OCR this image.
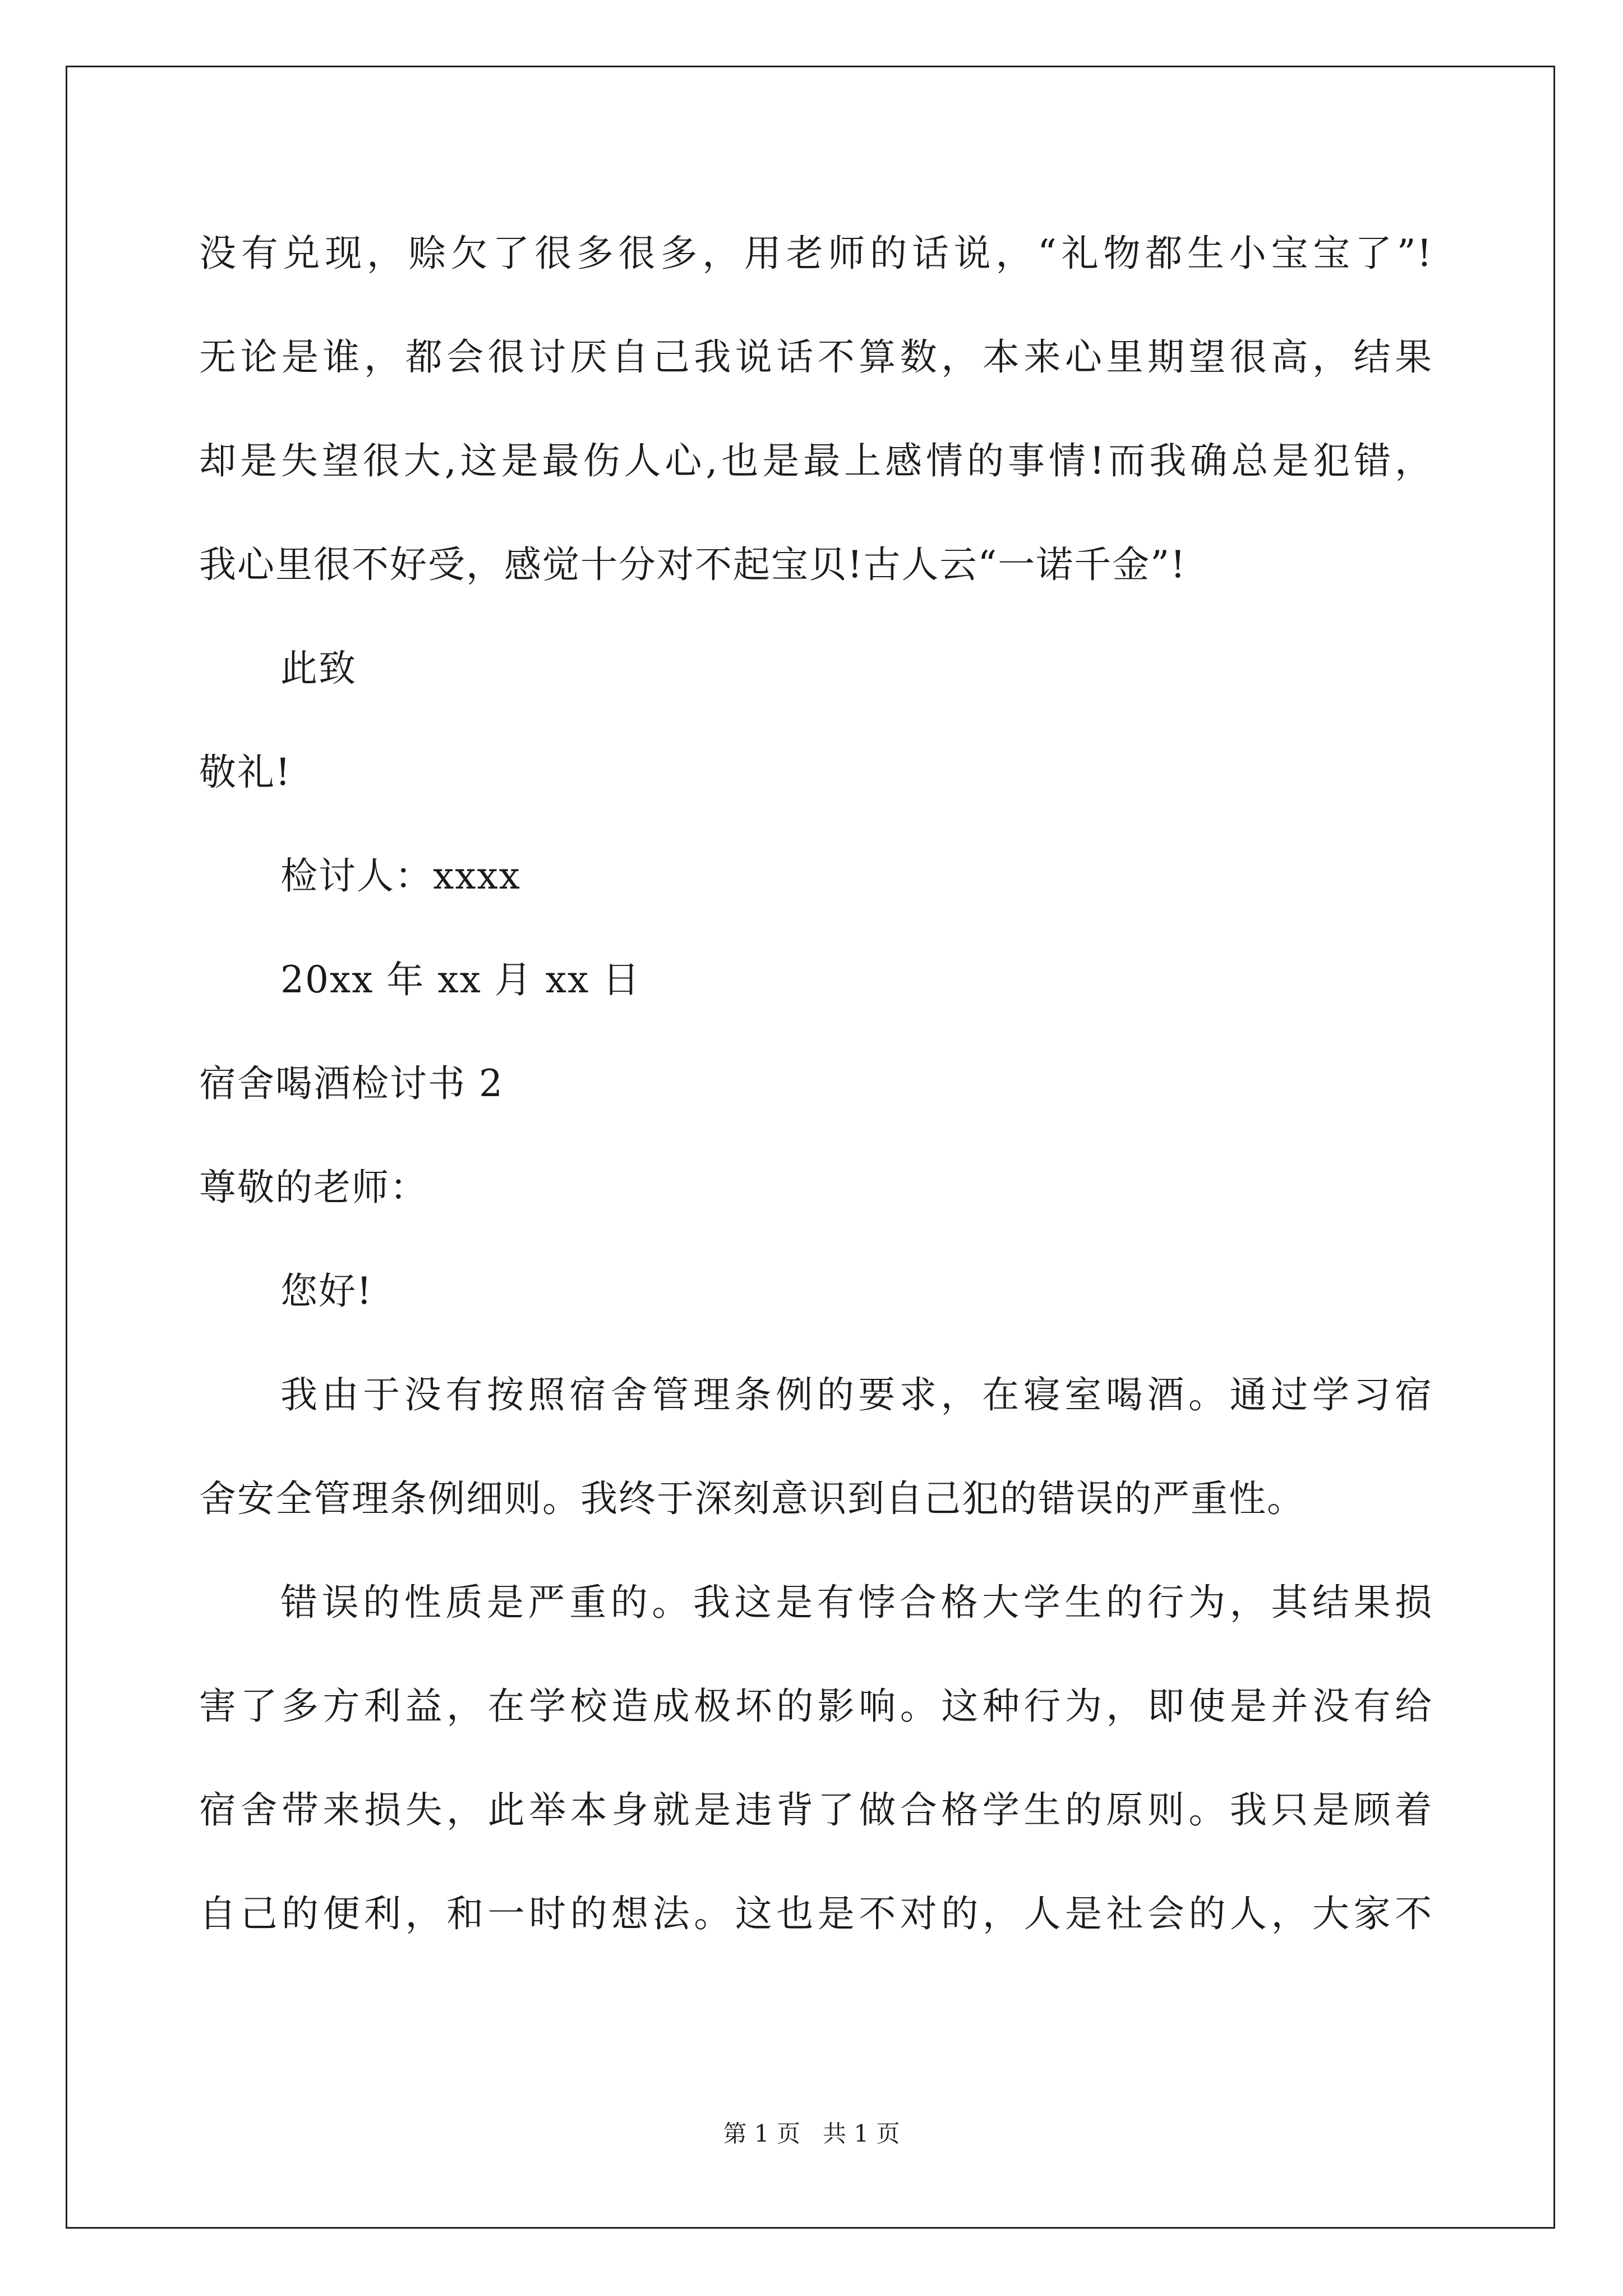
没有兑现，赊欠了很多很多，用老师的话说，“礼物都生小宝宝了”!
无论是谁，都会很讨厌自己我说话不算数，本来心里期望很高，结果
却是失望很大,这是最伤人心,也是最上感情的事情!而我确总是犯错，
我心里很不好受，感觉十分对不起宝贝!古人云“一诺千金”!
此致
敬礼!
检讨人：xxxx
20xx 年 xx 月 xx 日
宿舍喝酒检讨书 2
尊敬的老师：
您好!
我由于没有按照宿舍管理条例的要求，在寝室喝酒。通过学习宿
舍安全管理条例细则。我终于深刻意识到自己犯的错误的严重性。
错误的性质是严重的。我这是有悖合格大学生的行为，其结果损
害了多方利益，在学校造成极坏的影响。这种行为，即使是并没有给
宿舍带来损失，此举本身就是违背了做合格学生的原则。我只是顾着
自己的便利，和一时的想法。这也是不对的，人是社会的人，大家不
第 1 页   共 1 页
